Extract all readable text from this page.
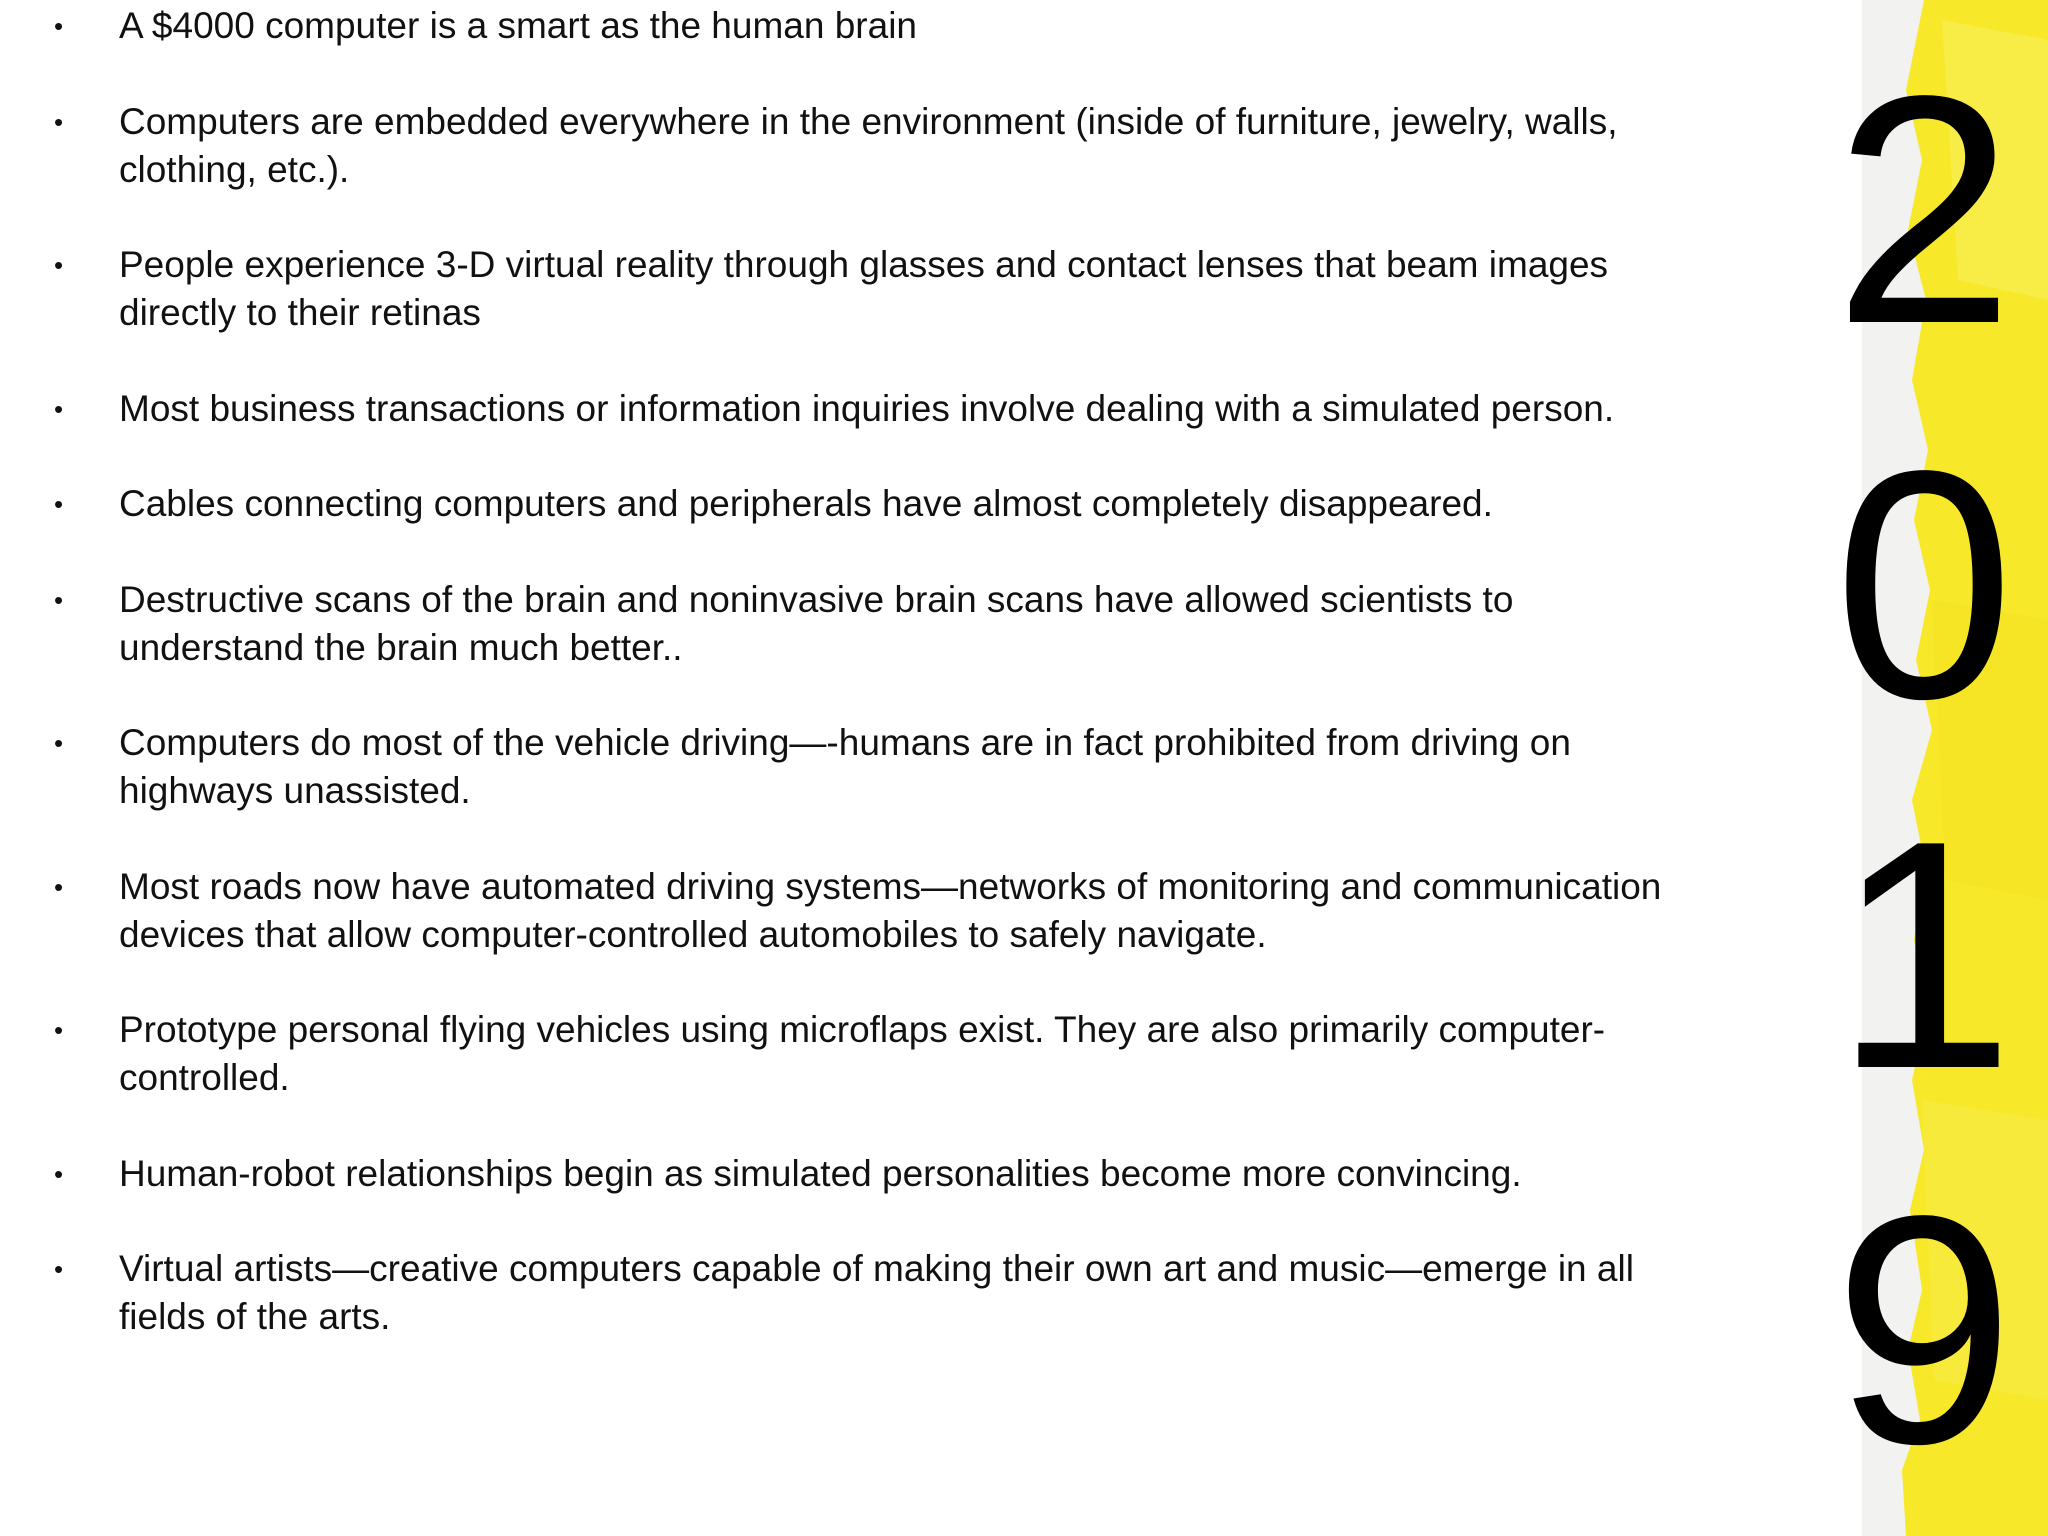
• A $4000 computer is a smart as the human brain
• Computers are embedded everywhere in the environment (inside of furniture, jewelry, walls,
clothing, etc.).
• People experience 3-D virtual reality through glasses and contact lenses that beam images
directly to their retinas
• Most business transactions or information inquiries involve dealing with a simulated person.
• Cables connecting computers and peripherals have almost completely disappeared.
• Destructive scans of the brain and noninvasive brain scans have allowed scientists to
understand the brain much better..
• Computers do most of the vehicle driving—-humans are in fact prohibited from driving on
highways unassisted.
• Most roads now have automated driving systems—networks of monitoring and communication
devices that allow computer-controlled automobiles to safely navigate.
• Prototype personal flying vehicles using microflaps exist. They are also primarily computer-
controlled.
• Human-robot relationships begin as simulated personalities become more convincing.
• Virtual artists—creative computers capable of making their own art and music—emerge in all
fields of the arts.
2
0
1
9
